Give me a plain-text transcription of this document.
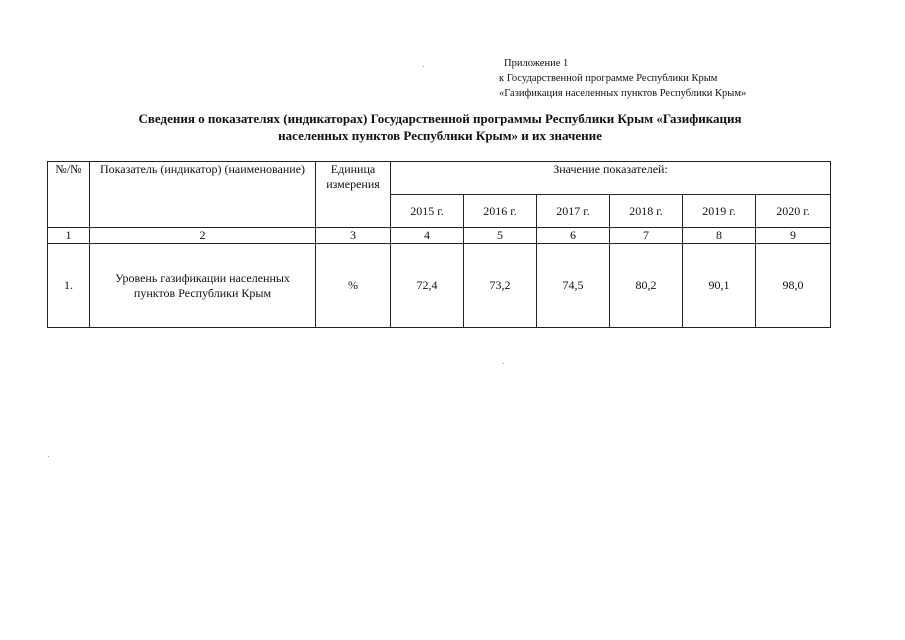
Приложение 1
к Государственной программе Республики Крым
«Газификация населенных пунктов Республики Крым»
Сведения о показателях (индикаторах) Государственной программы Республики Крым «Газификация
населенных пунктов Республики Крым» и их значение
№/№	Показатель (индикатор) (наименование)	Единица измерения	Значение показателей:					
			2015 г.	2016 г.	2017 г.	2018 г.	2019 г.	2020 г.
1	2	3	4	5	6	7	8	9
1.	Уровень газификации населенных пунктов Республики Крым	%	72,4	73,2	74,5	80,2	90,1	98,0
